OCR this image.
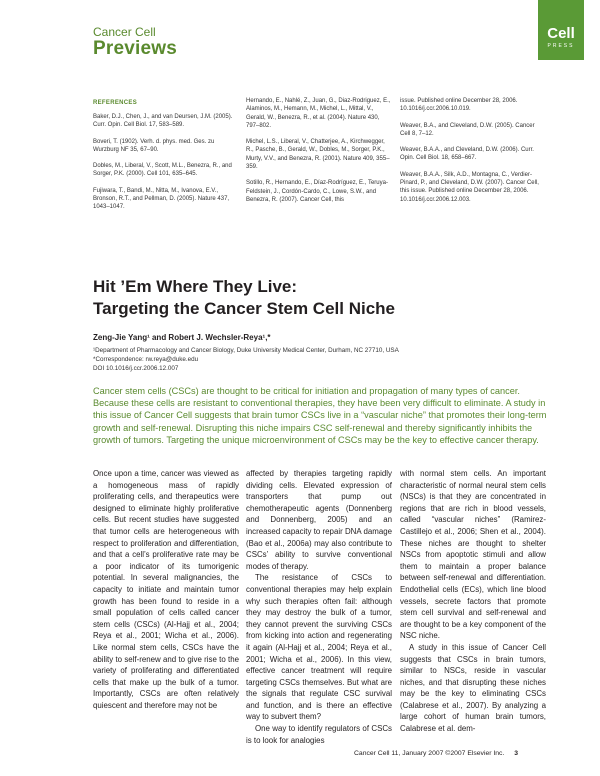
Cancer Cell
Previews
Cell
PRESS
REFERENCES

Baker, D.J., Chen, J., and van Deursen, J.M. (2005). Curr. Opin. Cell Biol. 17, 583–589.

Boveri, T. (1902). Verh. d. phys. med. Ges. zu Wurzburg NF 35, 67–90.

Dobles, M., Liberal, V., Scott, M.L., Benezra, R., and Sorger, P.K. (2000). Cell 101, 635–645.

Fujiwara, T., Bandi, M., Nitta, M., Ivanova, E.V., Bronson, R.T., and Pellman, D. (2005). Nature 437, 1043–1047.

Hernando, E., Nahlé, Z., Juan, G., Diaz-Rodriguez, E., Alaminos, M., Hemann, M., Michel, L., Mittal, V., Gerald, W., Benezra, R., et al. (2004). Nature 430, 797–802.

Michel, L.S., Liberal, V., Chatterjee, A., Kirchwegger, R., Pasche, B., Gerald, W., Dobles, M., Sorger, P.K., Murty, V.V., and Benezra, R. (2001). Nature 409, 355–359.

Sotillo, R., Hernando, E., Díaz-Rodríguez, E., Teruya-Feldstein, J., Cordón-Cardo, C., Lowe, S.W., and Benezra, R. (2007). Cancer Cell, this

issue. Published online December 28, 2006. 10.1016/j.ccr.2006.10.019.

Weaver, B.A., and Cleveland, D.W. (2005). Cancer Cell 8, 7–12.

Weaver, B.A.A., and Cleveland, D.W. (2006). Curr. Opin. Cell Biol. 18, 658–667.

Weaver, B.A.A., Silk, A.D., Montagna, C., Verdier-Pinard, P., and Cleveland, D.W. (2007). Cancer Cell, this issue. Published online December 28, 2006. 10.1016/j.ccr.2006.12.003.

Hit ’Em Where They Live:
Targeting the Cancer Stem Cell Niche
Zeng-Jie Yang¹ and Robert J. Wechsler-Reya¹,*
¹Department of Pharmacology and Cancer Biology, Duke University Medical Center, Durham, NC 27710, USA
*Correspondence: rw.reya@duke.edu
DOI 10.1016/j.ccr.2006.12.007
Cancer stem cells (CSCs) are thought to be critical for initiation and propagation of many types of cancer. Because these cells are resistant to conventional therapies, they have been very difficult to eliminate. A study in this issue of Cancer Cell suggests that brain tumor CSCs live in a “vascular niche” that promotes their long-term growth and self-renewal. Disrupting this niche impairs CSC self-renewal and thereby significantly inhibits the growth of tumors. Targeting the unique microenvironment of CSCs may be the key to effective cancer therapy.

Once upon a time, cancer was viewed as a homogeneous mass of rapidly proliferating cells, and therapeutics were designed to eliminate highly proliferative cells. But recent studies have suggested that tumor cells are heterogeneous with respect to proliferation and differentiation, and that a cell’s proliferative rate may be a poor indicator of its tumorigenic potential. In several malignancies, the capacity to initiate and maintain tumor growth has been found to reside in a small population of cells called cancer stem cells (CSCs) (Al-Hajj et al., 2004; Reya et al., 2001; Wicha et al., 2006). Like normal stem cells, CSCs have the ability to self-renew and to give rise to the variety of proliferating and differentiated cells that make up the bulk of a tumor. Importantly, CSCs are often relatively quiescent and therefore may not be

affected by therapies targeting rapidly dividing cells. Elevated expression of transporters that pump out chemotherapeutic agents (Donnenberg and Donnenberg, 2005) and an increased capacity to repair DNA damage (Bao et al., 2006a) may also contribute to CSCs’ ability to survive conventional modes of therapy.

The resistance of CSCs to conventional therapies may help explain why such therapies often fail: although they may destroy the bulk of a tumor, they cannot prevent the surviving CSCs from kicking into action and regenerating it again (Al-Hajj et al., 2004; Reya et al., 2001; Wicha et al., 2006). In this view, effective cancer treatment will require targeting CSCs themselves. But what are the signals that regulate CSC survival and function, and is there an effective way to subvert them?

One way to identify regulators of CSCs is to look for analogies

with normal stem cells. An important characteristic of normal neural stem cells (NSCs) is that they are concentrated in regions that are rich in blood vessels, called “vascular niches” (Ramirez-Castillejo et al., 2006; Shen et al., 2004). These niches are thought to shelter NSCs from apoptotic stimuli and allow them to maintain a proper balance between self-renewal and differentiation. Endothelial cells (ECs), which line blood vessels, secrete factors that promote stem cell survival and self-renewal and are thought to be a key component of the NSC niche.

A study in this issue of Cancer Cell suggests that CSCs in brain tumors, similar to NSCs, reside in vascular niches, and that disrupting these niches may be the key to eliminating CSCs (Calabrese et al., 2007). By analyzing a large cohort of human brain tumors, Calabrese et al. dem-

Cancer Cell 11, January 2007 ©2007 Elsevier Inc. 3
